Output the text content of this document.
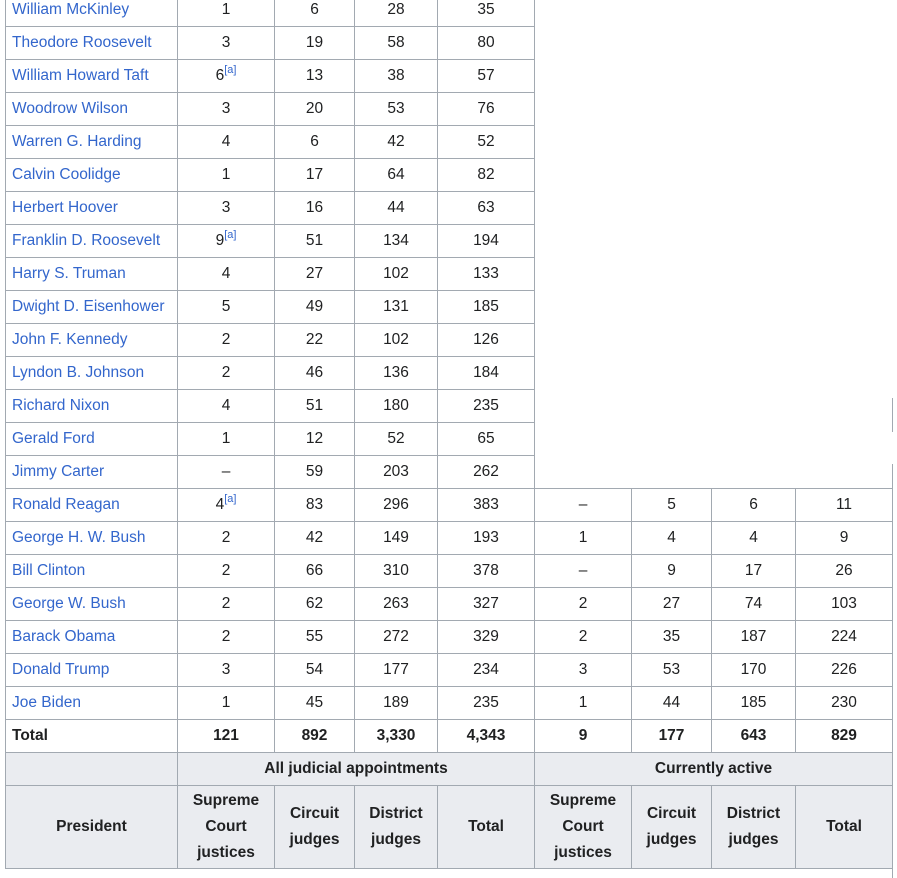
William McKinley	1	6	28	35				
Theodore Roosevelt	3	19	58	80				
William Howard Taft	6[a]	13	38	57				
Woodrow Wilson	3	20	53	76				
Warren G. Harding	4	6	42	52				
Calvin Coolidge	1	17	64	82				
Herbert Hoover	3	16	44	63				
Franklin D. Roosevelt	9[a]	51	134	194				
Harry S. Truman	4	27	102	133				
Dwight D. Eisenhower	5	49	131	185				
John F. Kennedy	2	22	102	126				
Lyndon B. Johnson	2	46	136	184				
Richard Nixon	4	51	180	235				
Gerald Ford	1	12	52	65				
Jimmy Carter	–	59	203	262				
Ronald Reagan	4[a]	83	296	383	–	5	6	11
George H. W. Bush	2	42	149	193	1	4	4	9
Bill Clinton	2	66	310	378	–	9	17	26
George W. Bush	2	62	263	327	2	27	74	103
Barack Obama	2	55	272	329	2	35	187	224
Donald Trump	3	54	177	234	3	53	170	226
Joe Biden	1	45	189	235	1	44	185	230
Total	121	892	3,330	4,343	9	177	643	829
	All judicial appointments				Currently active			
President	Supreme Court justices	Circuit judges	District judges	Total	Supreme Court justices	Circuit judges	District judges	Total
